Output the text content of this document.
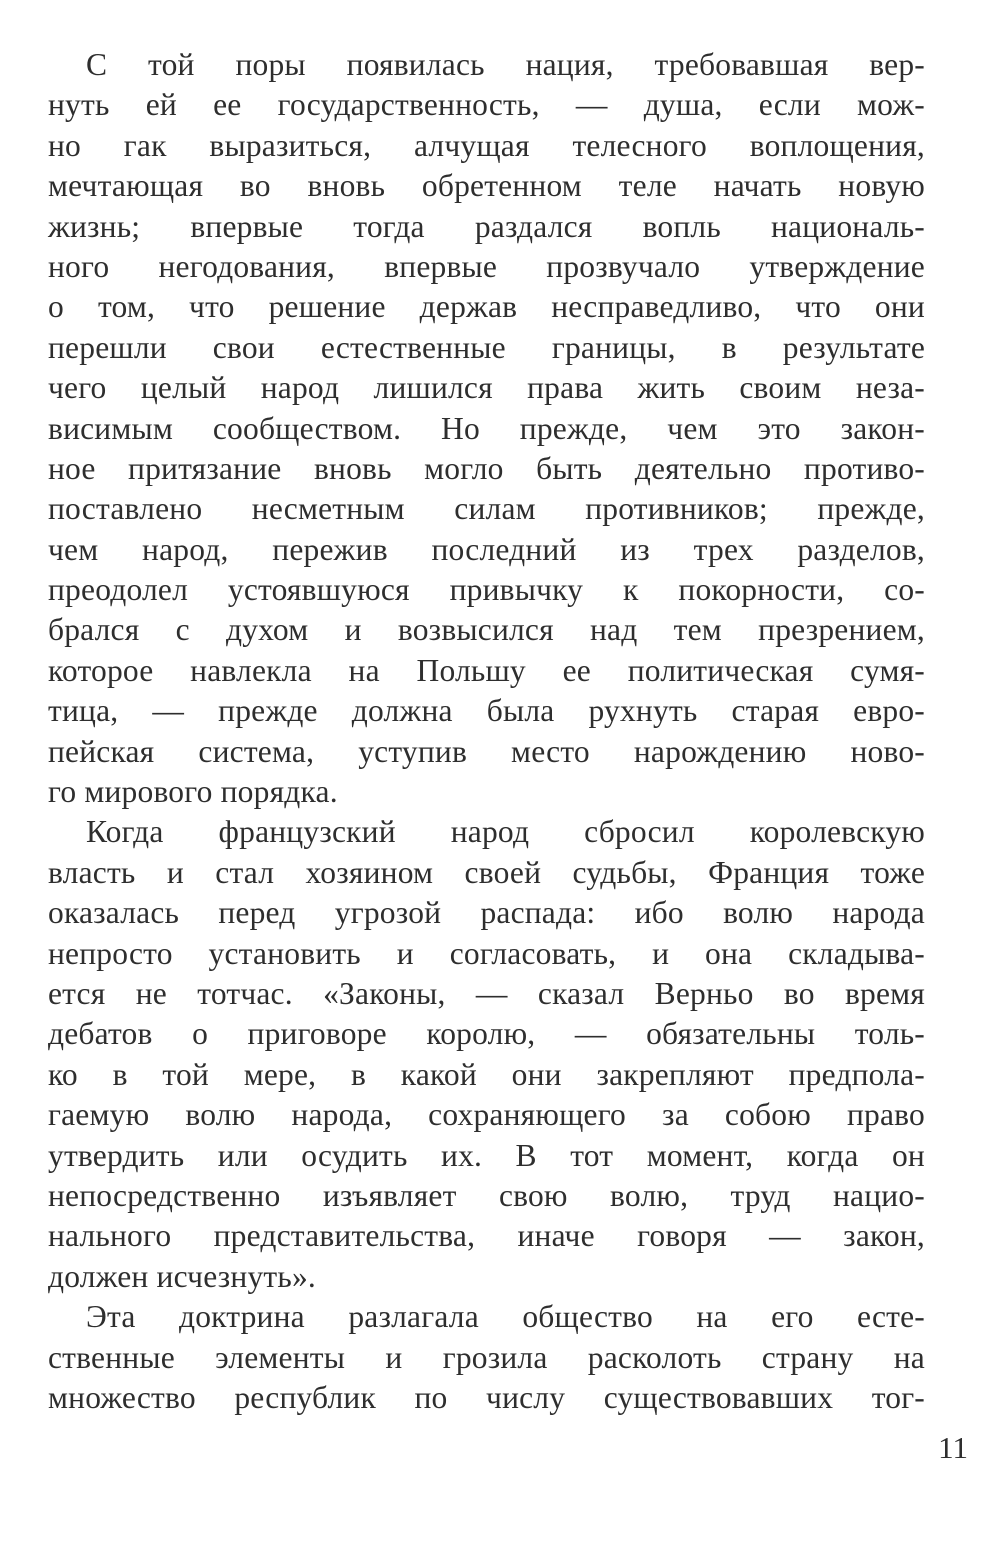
С той поры появилась нация, требовавшая вер-
нуть ей ее государственность, — душа, если мож-
но гак выразиться, алчущая телесного воплощения,
мечтающая во вновь обретенном теле начать новую
жизнь; впервые тогда раздался вопль националь-
ного негодования, впервые прозвучало утверждение
о том, что решение держав несправедливо, что они
перешли свои естественные границы, в результате
чего целый народ лишился права жить своим неза-
висимым сообществом. Но прежде, чем это закон-
ное притязание вновь могло быть деятельно противо-
поставлено несметным силам противников; прежде,
чем народ, пережив последний из трех разделов,
преодолел устоявшуюся привычку к покорности, со-
брался с духом и возвысился над тем презрением,
которое навлекла на Польшу ее политическая сумя-
тица, — прежде должна была рухнуть старая евро-
пейская система, уступив место нарождению ново-
го мирового порядка.
Когда французский народ сбросил королевскую
власть и стал хозяином своей судьбы, Франция тоже
оказалась перед угрозой распада: ибо волю народа
непросто установить и согласовать, и она складыва-
ется не тотчас. «Законы, — сказал Верньо во время
дебатов о приговоре королю, — обязательны толь-
ко в той мере, в какой они закрепляют предпола-
гаемую волю народа, сохраняющего за собою право
утвердить или осудить их. В тот момент, когда он
непосредственно изъявляет свою волю, труд нацио-
нального представительства, иначе говоря — закон,
должен исчезнуть».
Эта доктрина разлагала общество на его есте-
ственные элементы и грозила расколоть страну на
множество республик по числу существовавших тог-
11
